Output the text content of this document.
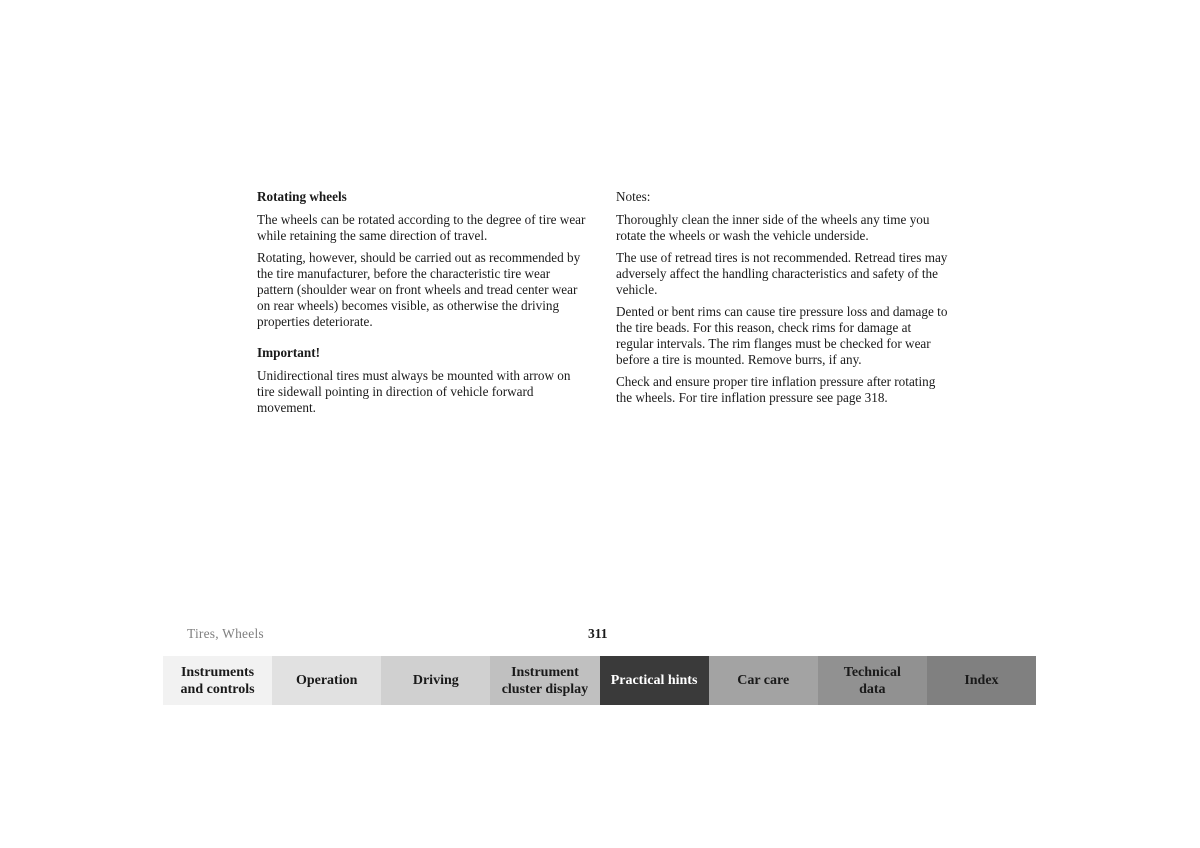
Rotating wheels

The wheels can be rotated according to the degree of tire wear while retaining the same direction of travel.

Rotating, however, should be carried out as recommended by the tire manufacturer, before the characteristic tire wear pattern (shoulder wear on front wheels and tread center wear on rear wheels) becomes visible, as otherwise the driving properties deteriorate.

Important!

Unidirectional tires must always be mounted with arrow on tire sidewall pointing in direction of vehicle forward movement.

Notes:

Thoroughly clean the inner side of the wheels any time you rotate the wheels or wash the vehicle underside.

The use of retread tires is not recommended. Retread tires may adversely affect the handling characteristics and safety of the vehicle.

Dented or bent rims can cause tire pressure loss and damage to the tire beads. For this reason, check rims for damage at regular intervals. The rim flanges must be checked for wear before a tire is mounted. Remove burrs, if any.

Check and ensure proper tire inflation pressure after rotating the wheels. For tire inflation pressure see page 318.

Tires, Wheels	311
Instruments
and controls
Operation	Driving
Instrument
cluster display
Practical hints	Car care
Technical
data
Index
